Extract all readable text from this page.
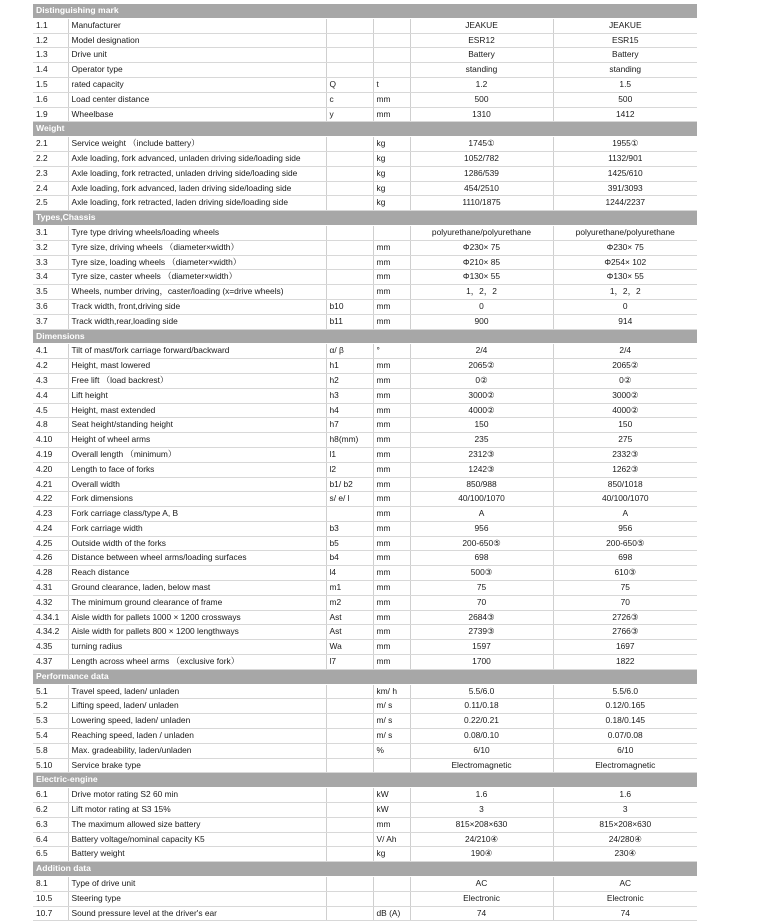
Distinguishing mark					
1.1	Manufacturer			JEAKUE	JEAKUE
1.2	Model designation			ESR12	ESR15
1.3	Drive unit			Battery	Battery
1.4	Operator type			standing	standing
1.5	rated capacity	Q	t	1.2	1.5
1.6	Load center distance	c	mm	500	500
1.9	Wheelbase	y	mm	1310	1412
Weight					
2.1	Service weight （include battery）		kg	1745①	1955①
2.2	Axle loading, fork advanced, unladen driving side/loading side		kg	1052/782	1132/901
2.3	Axle loading, fork retracted, unladen driving side/loading side		kg	1286/539	1425/610
2.4	Axle loading, fork advanced, laden driving side/loading side		kg	454/2510	391/3093
2.5	Axle loading, fork retracted, laden driving side/loading side		kg	1110/1875	1244/2237
Types,Chassis					
3.1	Tyre type driving wheels/loading wheels			polyurethane/polyurethane	polyurethane/polyurethane
3.2	Tyre size, driving wheels （diameter×width）		mm	Φ230× 75	Φ230× 75
3.3	Tyre size, loading wheels （diameter×width）		mm	Φ210× 85	Φ254× 102
3.4	Tyre size, caster wheels （diameter×width）		mm	Φ130× 55	Φ130× 55
3.5	Wheels, number driving，caster/loading (x=drive wheels)		mm	1，2，2	1，2，2
3.6	Track width, front,driving side	b10	mm	0	0
3.7	Track width,rear,loading side	b11	mm	900	914
Dimensions					
4.1	Tilt of mast/fork carriage forward/backward	α/ β	°	2/4	2/4
4.2	Height, mast lowered	h1	mm	2065②	2065②
4.3	Free lift （load backrest）	h2	mm	0②	0②
4.4	Lift height	h3	mm	3000②	3000②
4.5	Height, mast extended	h4	mm	4000②	4000②
4.8	Seat height/standing height	h7	mm	150	150
4.10	Height of wheel arms	h8(mm)	mm	235	275
4.19	Overall length （minimum）	l1	mm	2312③	2332③
4.20	Length to face of forks	l2	mm	1242③	1262③
4.21	Overall width	b1/ b2	mm	850/988	850/1018
4.22	Fork dimensions	s/ e/ l	mm	40/100/1070	40/100/1070
4.23	Fork carriage class/type A, B		mm	A	A
4.24	Fork carriage width	b3	mm	956	956
4.25	Outside width of the forks	b5	mm	200-650⑤	200-650⑤
4.26	Distance between wheel arms/loading surfaces	b4	mm	698	698
4.28	Reach distance	l4	mm	500③	610③
4.31	Ground clearance, laden, below mast	m1	mm	75	75
4.32	The minimum ground clearance of frame	m2	mm	70	70
4.34.1	Aisle width for pallets 1000 × 1200 crossways	Ast	mm	2684③	2726③
4.34.2	Aisle width for pallets 800 × 1200 lengthways	Ast	mm	2739③	2766③
4.35	turning radius	Wa	mm	1597	1697
4.37	Length across wheel arms （exclusive fork）	l7	mm	1700	1822
Performance data					
5.1	Travel speed, laden/ unladen		km/ h	5.5/6.0	5.5/6.0
5.2	Lifting speed, laden/ unladen		m/ s	0.11/0.18	0.12/0.165
5.3	Lowering speed, laden/ unladen		m/ s	0.22/0.21	0.18/0.145
5.4	Reaching speed, laden / unladen		m/ s	0.08/0.10	0.07/0.08
5.8	Max. gradeability, laden/unladen		%	6/10	6/10
5.10	Service brake type			Electromagnetic	Electromagnetic
Electric-engine					
6.1	Drive motor rating S2 60 min		kW	1.6	1.6
6.2	Lift motor rating at S3 15%		kW	3	3
6.3	The maximum allowed size battery		mm	815×208×630	815×208×630
6.4	Battery voltage/nominal capacity K5		V/ Ah	24/210④	24/280④
6.5	Battery weight		kg	190④	230④
Addition data					
8.1	Type of drive unit			AC	AC
10.5	Steering type			Electronic	Electronic
10.7	Sound pressure level at the driver's ear		dB (A)	74	74
